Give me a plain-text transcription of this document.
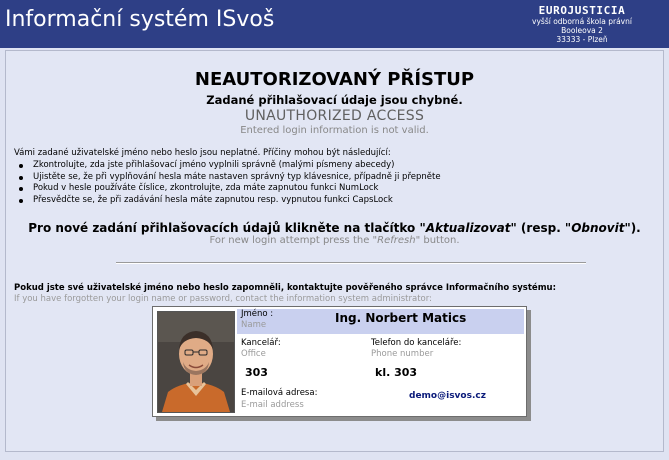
Informační systém ISvoš	EUROJUSTICIA
vyšší odborná škola právní
Booleova 2
33333 - Plzeň
NEAUTORIZOVANÝ PŘÍSTUP
Zadané přihlašovací údaje jsou chybné.
UNAUTHORIZED ACCESS
Entered login information is not valid.
Vámi zadané uživatelské jméno nebo heslo jsou neplatné. Příčiny mohou být následující:
Zkontrolujte, zda jste přihlašovací jméno vyplnili správně (malými písmeny abecedy)
Ujistěte se, že při vyplňování hesla máte nastaven správný typ klávesnice, případně ji přepněte
Pokud v hesle používáte číslice, zkontrolujte, zda máte zapnutou funkci NumLock
Přesvědčte se, že při zadávání hesla máte zapnutou resp. vypnutou funkci CapsLock
Pro nové zadání přihlašovacích údajů klikněte na tlačítko "Aktualizovat" (resp. "Obnovit").
For new login attempt press the "Refresh" button.
Pokud jste své uživatelské jméno nebo heslo zapomněli, kontaktujte pověřeného správce Informačního systému:
If you have forgotten your login name or password, contact the information system administrator:
Jméno :
Name	Ing. Norbert Matics
Kancelář:
Office
303
Telefon do kanceláře:
Phone number
kl. 303
E-mailová adresa:
E-mail address
demo@isvos.cz
